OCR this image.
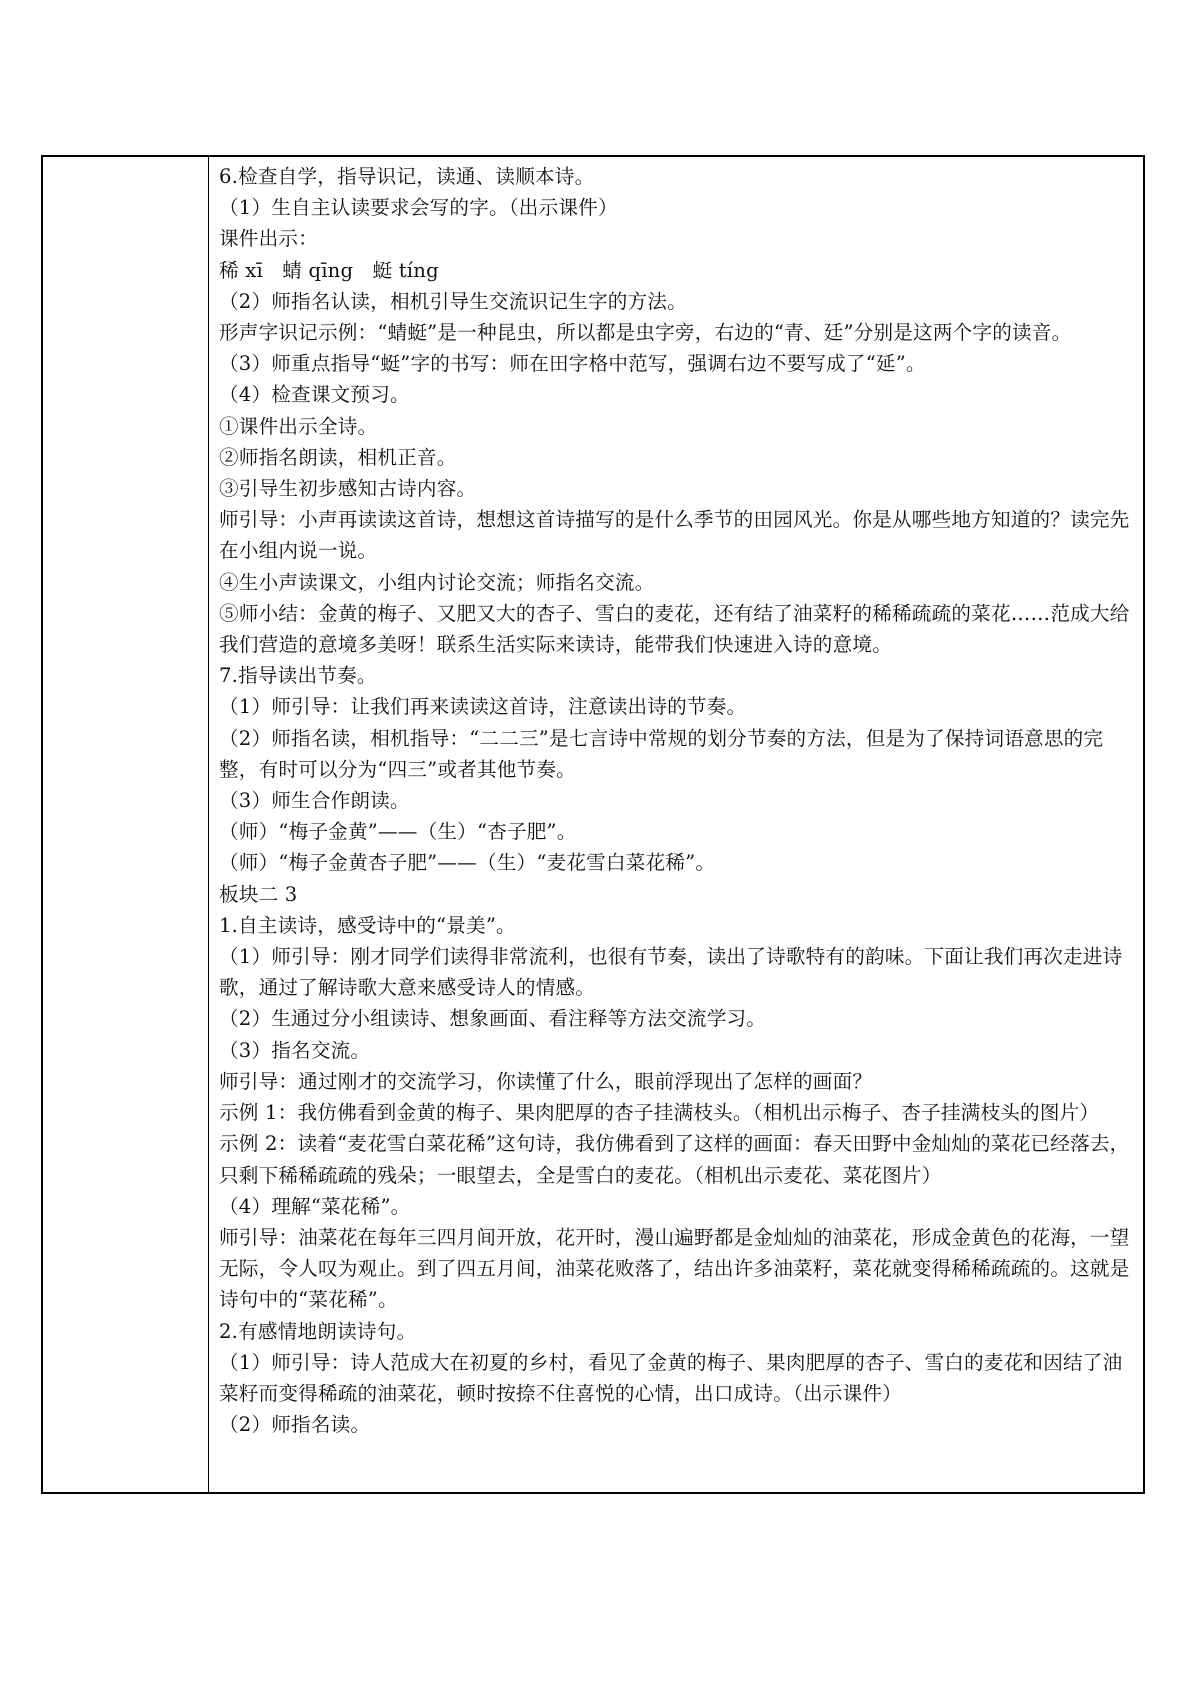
6.检查自学，指导识记，读通、读顺本诗。
（1）生自主认读要求会写的字。（出示课件）
课件出示：
稀 xī   蜻 qīng   蜓 tíng
（2）师指名认读，相机引导生交流识记生字的方法。
形声字识记示例：“蜻蜓”是一种昆虫，所以都是虫字旁，右边的“青、廷”分别是这两个字的读音。
（3）师重点指导“蜓”字的书写：师在田字格中范写，强调右边不要写成了“延”。
（4）检查课文预习。
①课件出示全诗。
②师指名朗读，相机正音。
③引导生初步感知古诗内容。
师引导：小声再读读这首诗，想想这首诗描写的是什么季节的田园风光。你是从哪些地方知道的？读完先在小组内说一说。
④生小声读课文，小组内讨论交流；师指名交流。
⑤师小结：金黄的梅子、又肥又大的杏子、雪白的麦花，还有结了油菜籽的稀稀疏疏的菜花……范成大给我们营造的意境多美呀！联系生活实际来读诗，能带我们快速进入诗的意境。
7.指导读出节奏。
（1）师引导：让我们再来读读这首诗，注意读出诗的节奏。
（2）师指名读，相机指导：“二二三”是七言诗中常规的划分节奏的方法，但是为了保持词语意思的完整，有时可以分为“四三”或者其他节奏。
（3）师生合作朗读。
（师）“梅子金黄”——（生）“杏子肥”。
（师）“梅子金黄杏子肥”——（生）“麦花雪白菜花稀”。
板块二 3
1.自主读诗，感受诗中的“景美”。
（1）师引导：刚才同学们读得非常流利，也很有节奏，读出了诗歌特有的韵味。下面让我们再次走进诗歌，通过了解诗歌大意来感受诗人的情感。
（2）生通过分小组读诗、想象画面、看注释等方法交流学习。
（3）指名交流。
师引导：通过刚才的交流学习，你读懂了什么，眼前浮现出了怎样的画面？
示例 1：我仿佛看到金黄的梅子、果肉肥厚的杏子挂满枝头。（相机出示梅子、杏子挂满枝头的图片）
示例 2：读着“麦花雪白菜花稀”这句诗，我仿佛看到了这样的画面：春天田野中金灿灿的菜花已经落去，只剩下稀稀疏疏的残朵；一眼望去，全是雪白的麦花。（相机出示麦花、菜花图片）
（4）理解“菜花稀”。
师引导：油菜花在每年三四月间开放，花开时，漫山遍野都是金灿灿的油菜花，形成金黄色的花海，一望无际，令人叹为观止。到了四五月间，油菜花败落了，结出许多油菜籽，菜花就变得稀稀疏疏的。这就是诗句中的“菜花稀”。
2.有感情地朗读诗句。
（1）师引导：诗人范成大在初夏的乡村，看见了金黄的梅子、果肉肥厚的杏子、雪白的麦花和因结了油菜籽而变得稀疏的油菜花，顿时按捺不住喜悦的心情，出口成诗。（出示课件）
（2）师指名读。
